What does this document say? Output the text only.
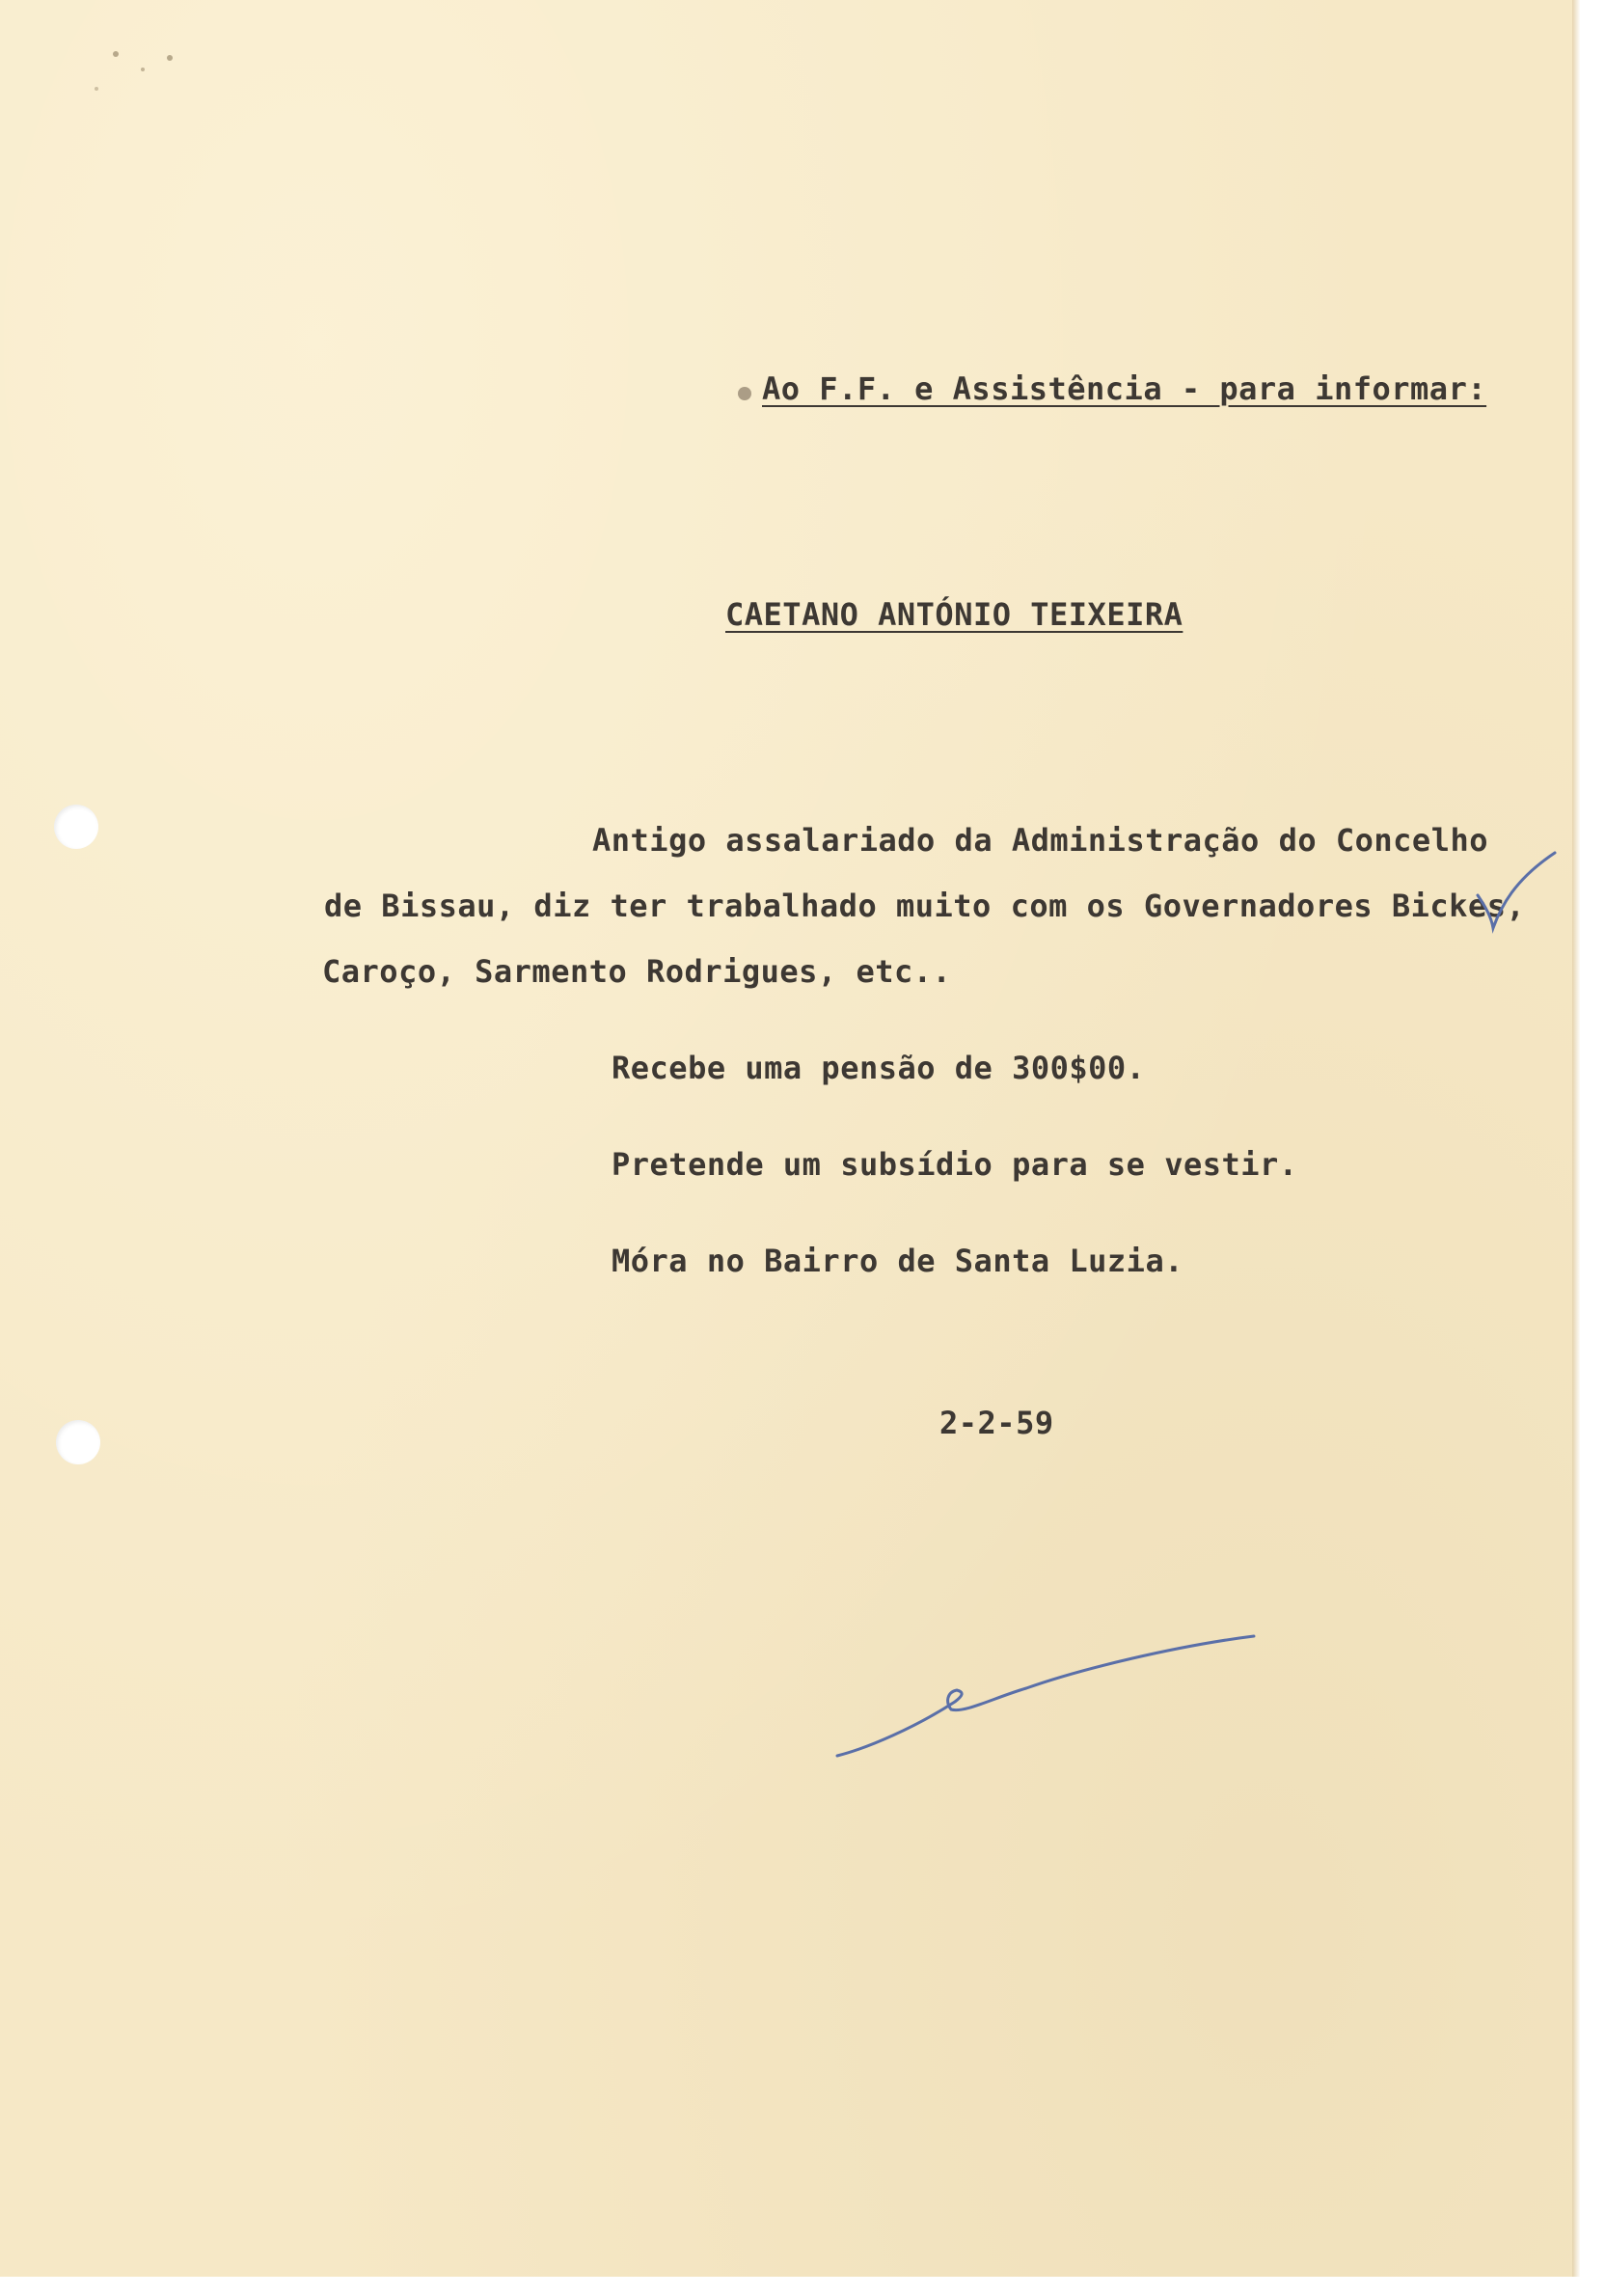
Ao F.F. e Assistência - para informar:
CAETANO ANTÓNIO TEIXEIRA
Antigo assalariado da Administração do Concelho
de Bissau, diz ter trabalhado muito com os Governadores Bickes,
Caroço, Sarmento Rodrigues, etc..
Recebe uma pensão de 300$00.
Pretende um subsídio para se vestir.
Móra no Bairro de Santa Luzia.
2-2-59
